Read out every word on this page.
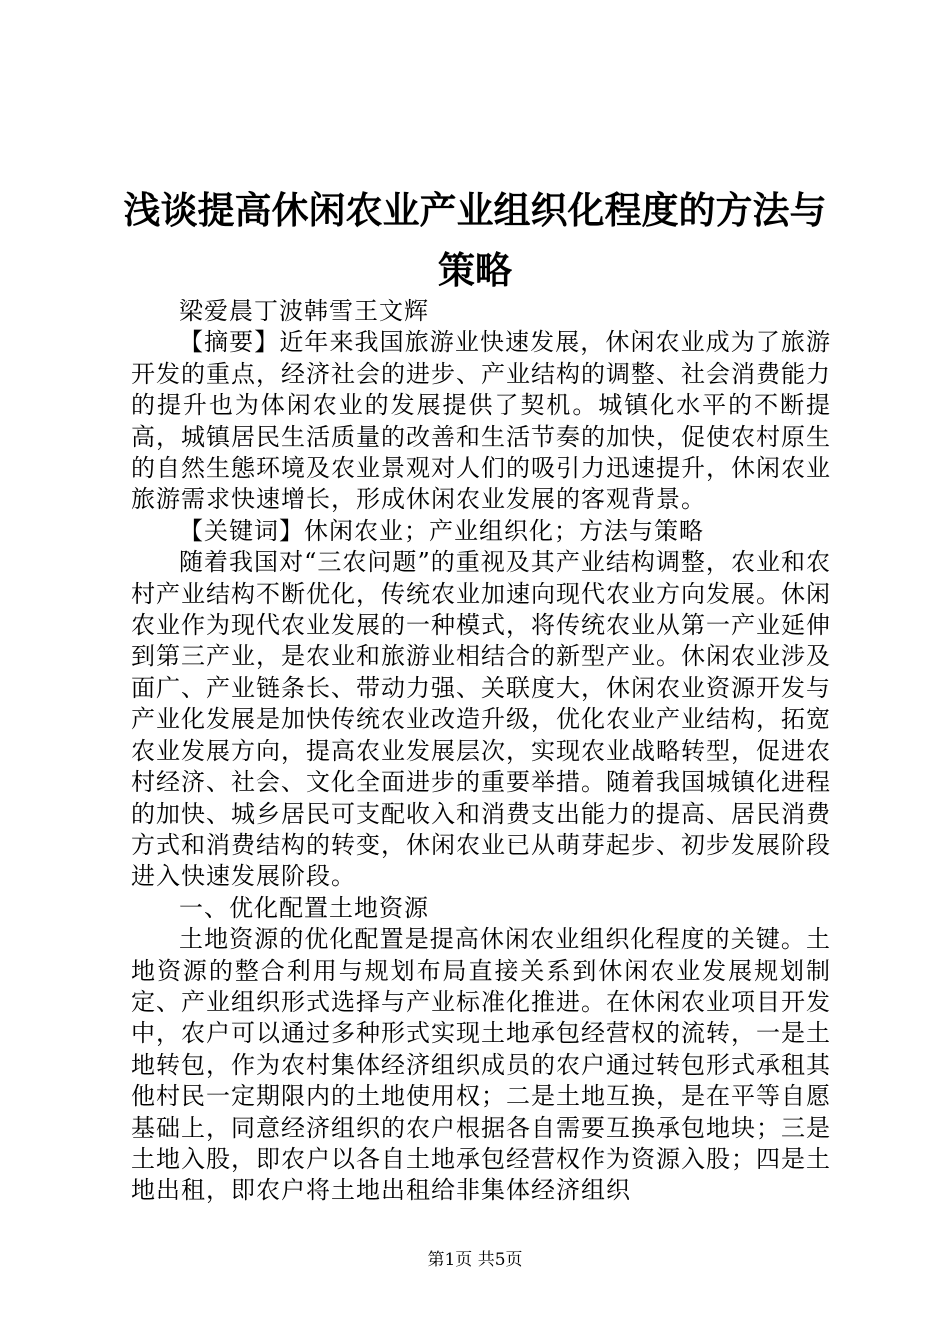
浅谈提高休闲农业产业组织化程度的方法与策略

梁爱晨丁波韩雪王文辉

【摘要】近年来我国旅游业快速发展，休闲农业成为了旅游开发的重点，经济社会的进步、产业结构的调整、社会消费能力的提升也为体闲农业的发展提供了契机。城镇化水平的不断提高，城镇居民生活质量的改善和生活节奏的加快，促使农村原生的自然生態环境及农业景观对人们的吸引力迅速提升，休闲农业旅游需求快速增长，形成休闲农业发展的客观背景。

【关键词】休闲农业；产业组织化；方法与策略

随着我国对“三农问题”的重视及其产业结构调整，农业和农村产业结构不断优化，传统农业加速向现代农业方向发展。休闲农业作为现代农业发展的一种模式，将传统农业从第一产业延伸到第三产业，是农业和旅游业相结合的新型产业。休闲农业涉及面广、产业链条长、带动力强、关联度大，休闲农业资源开发与产业化发展是加快传统农业改造升级，优化农业产业结构，拓宽农业发展方向，提高农业发展层次，实现农业战略转型，促进农村经济、社会、文化全面进步的重要举措。随着我国城镇化进程的加快、城乡居民可支配收入和消费支出能力的提高、居民消费方式和消费结构的转变，休闲农业已从萌芽起步、初步发展阶段进入快速发展阶段。

一、优化配置土地资源

土地资源的优化配置是提高休闲农业组织化程度的关键。土地资源的整合利用与规划布局直接关系到休闲农业发展规划制定、产业组织形式选择与产业标准化推进。在休闲农业项目开发中，农户可以通过多种形式实现土地承包经营权的流转，一是土地转包，作为农村集体经济组织成员的农户通过转包形式承租其他村民一定期限内的土地使用权；二是土地互换，是在平等自愿基础上，同意经济组织的农户根据各自需要互换承包地块；三是土地入股，即农户以各自土地承包经营权作为资源入股；四是土地出租，即农户将土地出租给非集体经济组织

第1页 共5页
